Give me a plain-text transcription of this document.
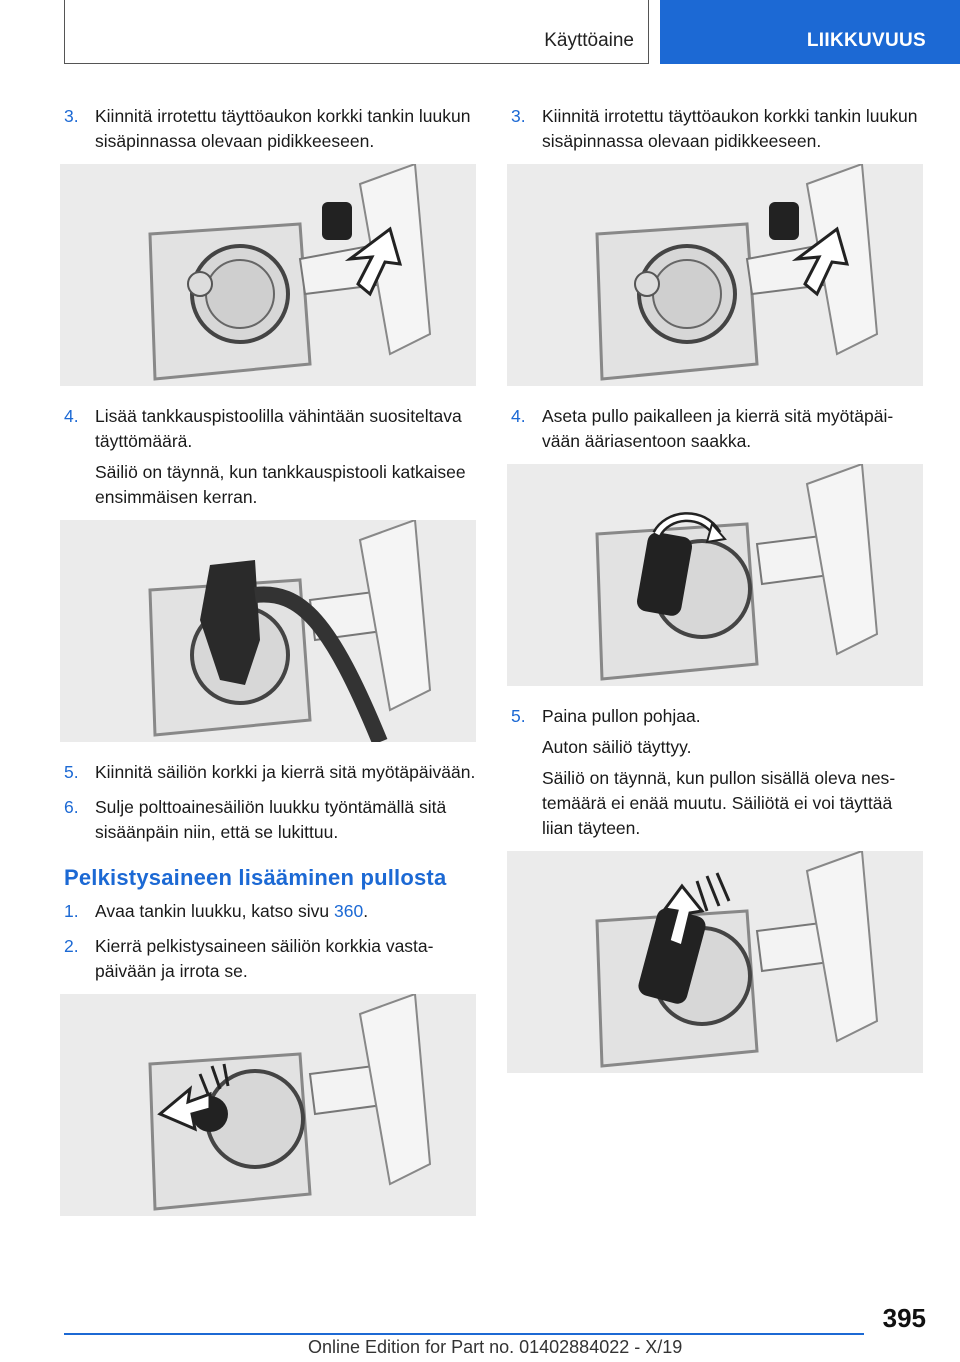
Käyttöaine	LIIKKUVUUS
3. Kiinnitä irrotettu täyttöaukon korkki tankin luukun sisäpinnassa olevaan pidikkeeseen.
4. Lisää tankkauspistoolilla vähintään suositeltava täyttömäärä.
Säiliö on täynnä, kun tankkauspistooli katkaisee ensimmäisen kerran.
5. Kiinnitä säiliön korkki ja kierrä sitä myötäpäivään.
6. Sulje polttoainesäiliön luukku työntämällä sitä sisäänpäin niin, että se lukittuu.
Pelkistysaineen lisääminen pullosta
1. Avaa tankin luukku, katso sivu 360.
2. Kierrä pelkistysaineen säiliön korkkia vastapäivään ja irrota se.
3. Kiinnitä irrotettu täyttöaukon korkki tankin luukun sisäpinnassa olevaan pidikkeeseen.
4. Aseta pullo paikalleen ja kierrä sitä myötäpäivään ääriasentoon saakka.
5. Paina pullon pohjaa.
Auton säiliö täyttyy.
Säiliö on täynnä, kun pullon sisällä oleva nestemäärä ei enää muutu. Säiliötä ei voi täyttää liian täyteen.
395
Online Edition for Part no. 01402884022 - X/19
